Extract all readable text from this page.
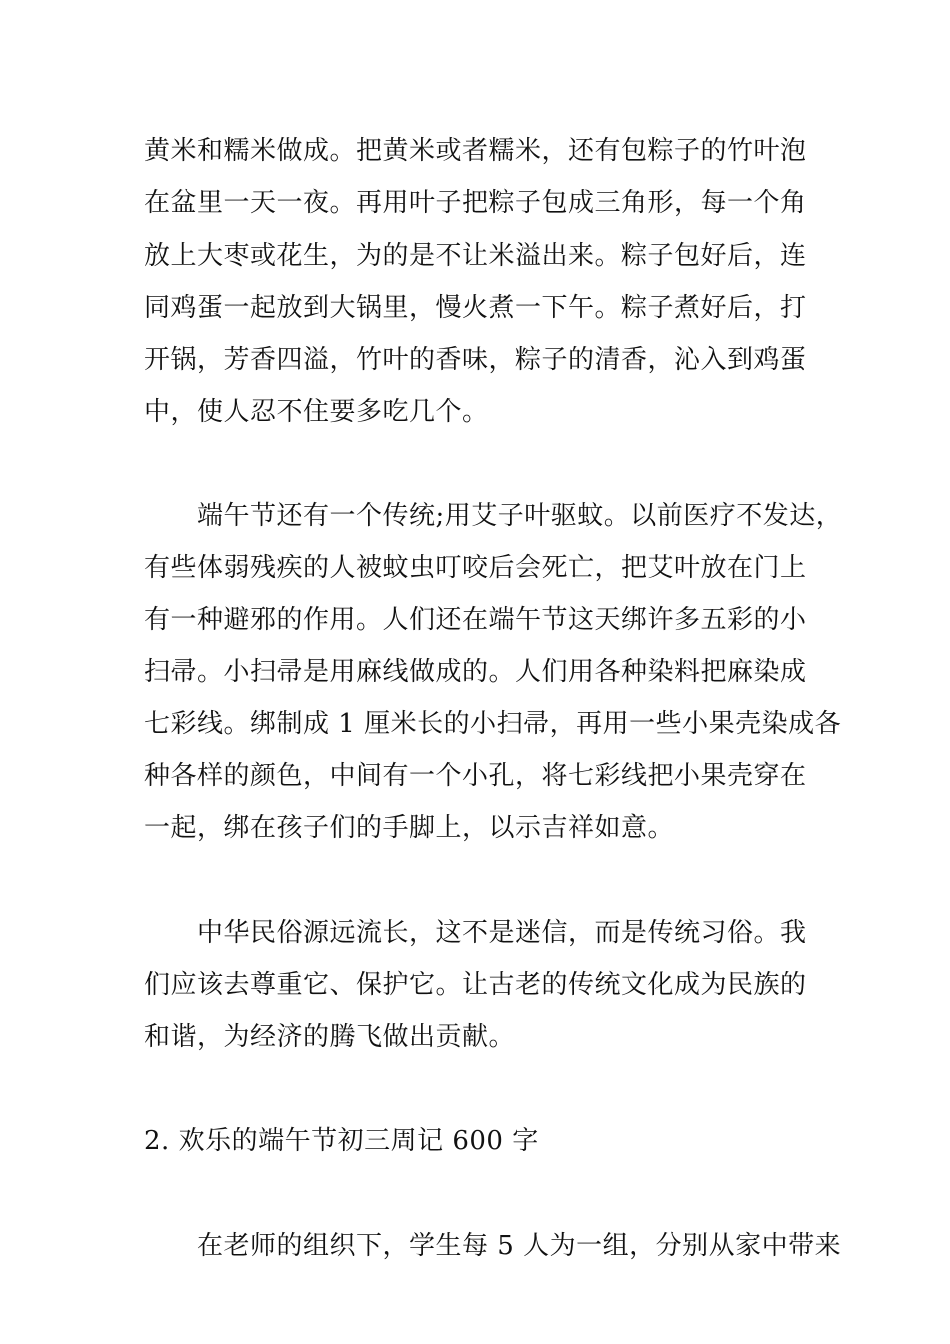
黄米和糯米做成。把黄米或者糯米，还有包粽子的竹叶泡
在盆里一天一夜。再用叶子把粽子包成三角形，每一个角
放上大枣或花生，为的是不让米溢出来。粽子包好后，连
同鸡蛋一起放到大锅里，慢火煮一下午。粽子煮好后，打
开锅，芳香四溢，竹叶的香味，粽子的清香，沁入到鸡蛋
中，使人忍不住要多吃几个。
　　端午节还有一个传统;用艾子叶驱蚊。以前医疗不发达，
有些体弱残疾的人被蚊虫叮咬后会死亡，把艾叶放在门上
有一种避邪的作用。人们还在端午节这天绑许多五彩的小
扫帚。小扫帚是用麻线做成的。人们用各种染料把麻染成
七彩线。绑制成 1 厘米长的小扫帚，再用一些小果壳染成各
种各样的颜色，中间有一个小孔，将七彩线把小果壳穿在
一起，绑在孩子们的手脚上，以示吉祥如意。
　　中华民俗源远流长，这不是迷信，而是传统习俗。我
们应该去尊重它、保护它。让古老的传统文化成为民族的
和谐，为经济的腾飞做出贡献。
2. 欢乐的端午节初三周记 600 字
　　在老师的组织下，学生每 5 人为一组，分别从家中带来
